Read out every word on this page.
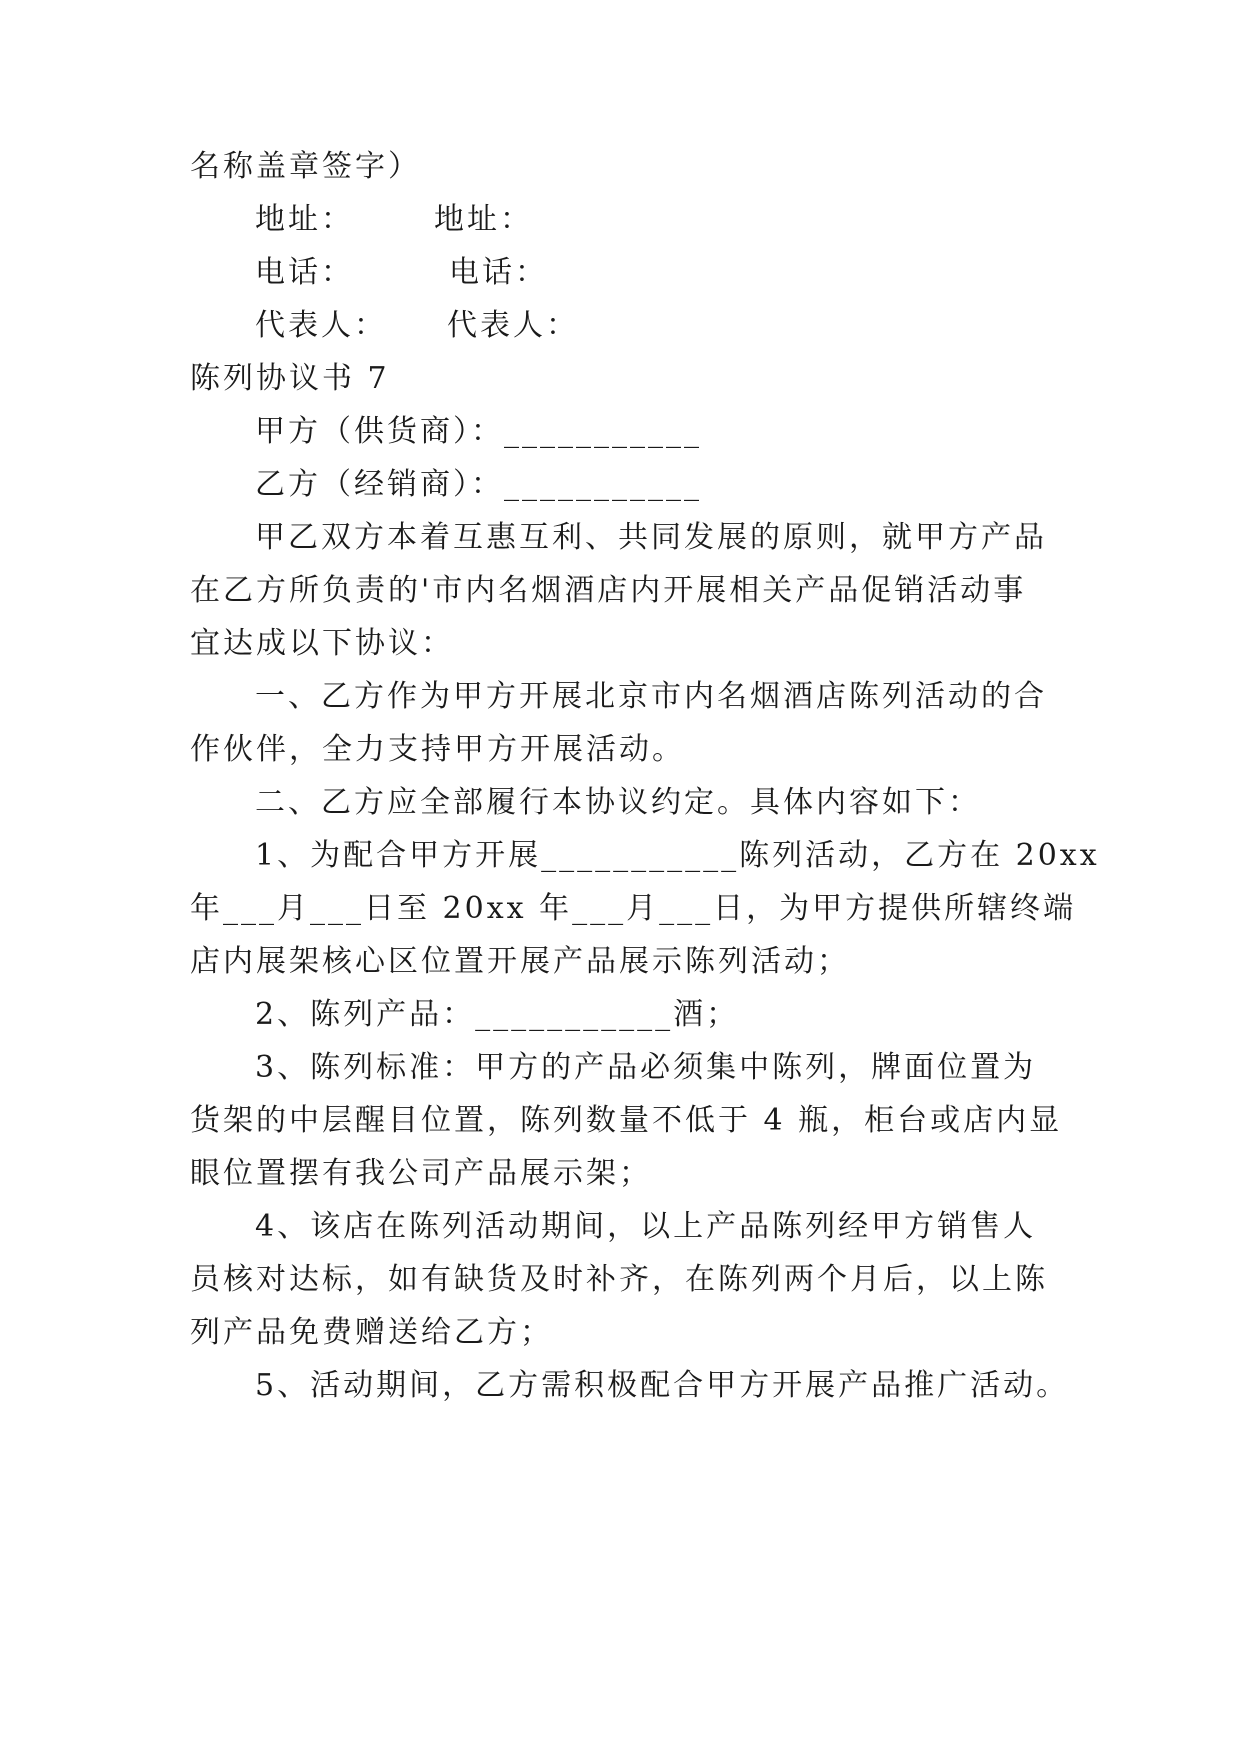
名称盖章签字）
地址：	地址：
电话：	电话：
代表人： 代表人：
陈列协议书 7
甲方（供货商）：___________
乙方（经销商）：___________
甲乙双方本着互惠互利、共同发展的原则，就甲方产品
在乙方所负责的'市内名烟酒店内开展相关产品促销活动事
宜达成以下协议：
一、乙方作为甲方开展北京市内名烟酒店陈列活动的合
作伙伴，全力支持甲方开展活动。
二、乙方应全部履行本协议约定。具体内容如下：
1、为配合甲方开展___________陈列活动，乙方在 20xx
年___月___日至 20xx 年___月___日，为甲方提供所辖终端
店内展架核心区位置开展产品展示陈列活动；
2、陈列产品：___________酒；
3、陈列标准：甲方的产品必须集中陈列，牌面位置为
货架的中层醒目位置，陈列数量不低于 4 瓶，柜台或店内显
眼位置摆有我公司产品展示架；
4、该店在陈列活动期间，以上产品陈列经甲方销售人
员核对达标，如有缺货及时补齐，在陈列两个月后，以上陈
列产品免费赠送给乙方；
5、活动期间，乙方需积极配合甲方开展产品推广活动。
